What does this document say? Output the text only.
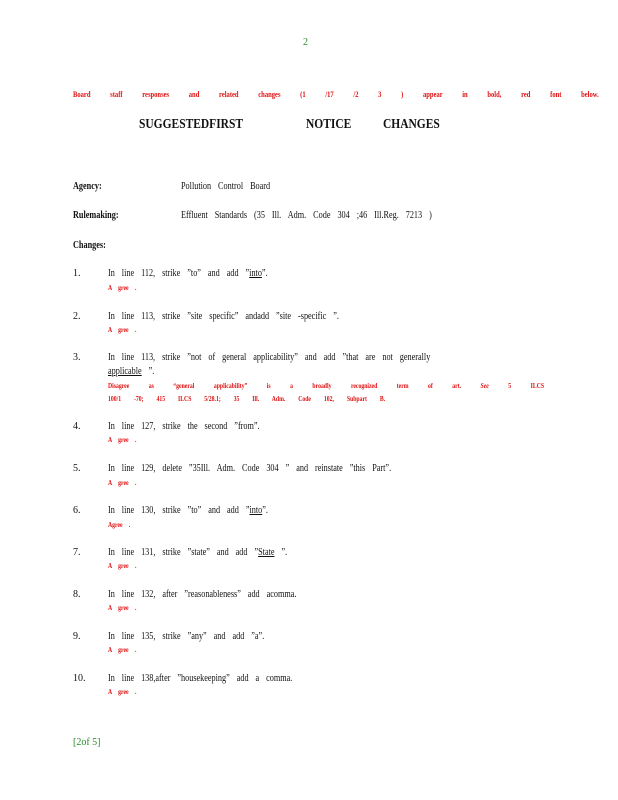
2
Board staff responses and related changes (1 /17 /2 3 ) appear in bold, red font below.
SUGGESTEDFIRST	NOTICE	CHANGES
Agency:	Pollution Control Board
Rulemaking:	Effluent Standards (35 Ill. Adm. Code 304 ;46 Ill.Reg. 7213 )
Changes:
1.	In line 112, strike ”to” and add ”into”.
A gree .
2.	In line 113, strike ”site specific” andadd ”site -specific ”.
A gree .
3.	In line 113, strike ”not of general applicability” and add ”that are not generally
applicable ”.
Disagree as “general applicability” is a broadly recognized term of art.	See	5 ILCS
100/1 -70; 415 ILCS 5/28.1; 35 Ill. Adm. Code 102, Subpart B.
4.	In line 127, strike the second ”from”.
A gree .
5.	In line 129, delete ”35Ill. Adm. Code 304 ” and reinstate ”this Part”.
A gree .
6.	In line 130, strike ”to” and add ”into”.
Agree .
7.	In line 131, strike ”state” and add ”State ”.
A gree .
8.	In line 132, after ”reasonableness” add acomma.
A gree .
9.	In line 135, strike ”any” and add ”a”.
A gree .
10. In line 138,after ”housekeeping” add a comma.
A gree .
[2of 5]
